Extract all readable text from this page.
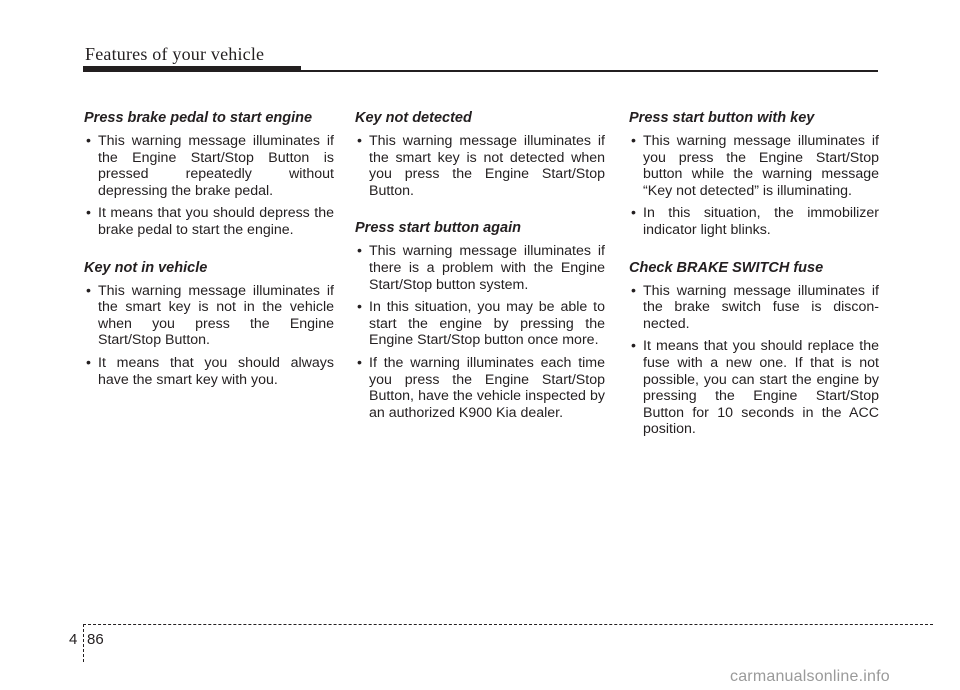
Features of your vehicle
Press brake pedal to start engine
• This warning message illuminates if the Engine Start/Stop Button is pressed repeatedly without depressing the brake pedal.
• It means that you should depress the brake pedal to start the engine.
Key not in vehicle
• This warning message illuminates if the smart key is not in the vehicle when you press the Engine Start/Stop Button.
• It means that you should always have the smart key with you.
Key not detected
• This warning message illuminates if the smart key is not detected when you press the Engine Start/Stop Button.
Press start button again
• This warning message illuminates if there is a problem with the Engine Start/Stop button system.
• In this situation, you may be able to start the engine by pressing the Engine Start/Stop button once more.
• If the warning illuminates each time you press the Engine Start/Stop Button, have the vehicle inspected by an authorized K900 Kia dealer.
Press start button with key
• This warning message illuminates if you press the Engine Start/Stop button while the warning message “Key not detected” is illuminating.
• In this situation, the immobilizer indicator light blinks.
Check BRAKE SWITCH fuse
• This warning message illuminates if the brake switch fuse is discon-nected.
• It means that you should replace the fuse with a new one. If that is not possible, you can start the engine by pressing the Engine Start/Stop Button for 10 seconds in the ACC position.
4 86
carmanualsonline.info
